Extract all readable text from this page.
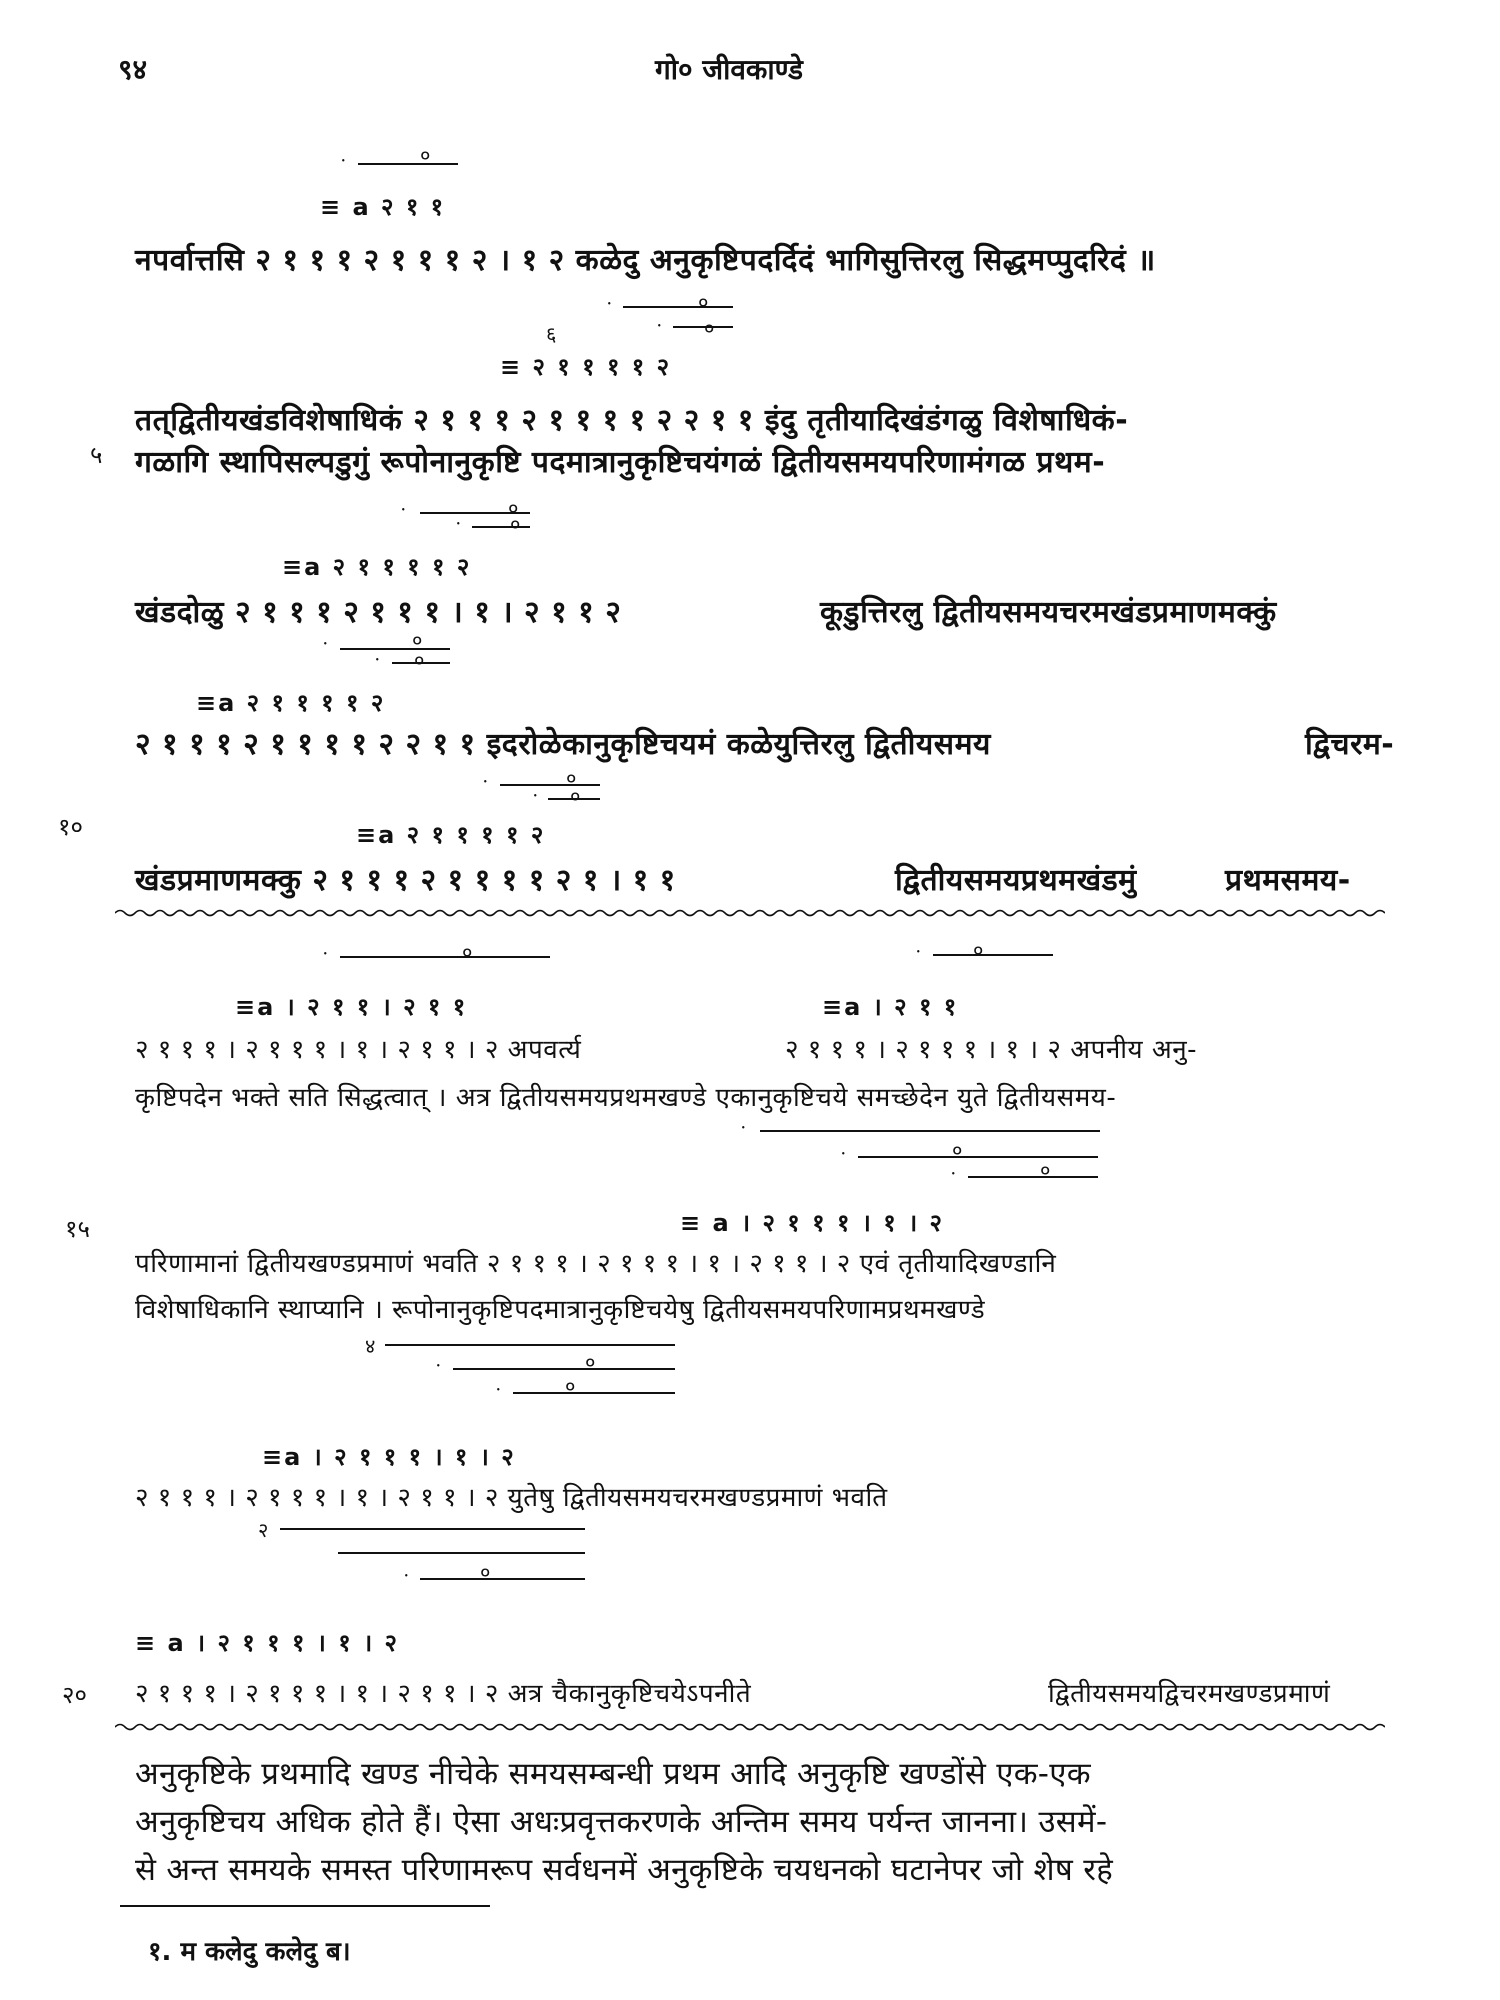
९४	गो० जीवकाण्डे
५
१०
१५
२०
ॱ	०
≡ a २ १ १
नपर्वात्तसि २ १ १ १ २ १ १ १ २ । १ २ कळेदु अनुकृष्टिपदर्दिदं भागिसुत्तिरलु सिद्धमप्पुदरिदं ॥
६
ॱ	०
ॱ ०
≡ २ १ १ १ १ २
तत्‌द्वितीयखंडविशेषाधिकं २ १ १ १ २ १ १ १ १ २ २ १ १ इंदु तृतीयादिखंडंगळु विशेषाधिकं-
गळागि स्थापिसल्पडुगुं रूपोनानुकृष्टि पदमात्रानुकृष्टिचयंगळं द्वितीयसमयपरिणामंगळ प्रथम-
ॱ	०
ॱ ०
≡a २ १ १ १ १ २
खंडदोळु २ १ १ १ २ १ १ १ । १ । २ १ १ २	कूडुत्तिरलु द्वितीयसमयचरमखंडप्रमाणमक्कुं
ॱ	०
ॱ ०
≡a २ १ १ १ १ २
२ १ १ १ २ १ १ १ १ २ २ १ १ इदरोळेकानुकृष्टिचयमं कळेयुत्तिरलु द्वितीयसमय	द्विचरम-
ॱ	०
ॱ ०
≡a २ १ १ १ १ २
खंडप्रमाणमक्कु २ १ १ १ २ १ १ १ १ २ १ । १ १	द्वितीयसमयप्रथमखंडमुं	प्रथमसमय-
ॱ	०	ॱ	०
≡a । २ १ १ । २ १ १	≡a । २ १ १
२ १ १ १ । २ १ १ १ । १ । २ १ १ । २ अपवर्त्य	२ १ १ १ । २ १ १ १ । १ । २ अपनीय अनु-
कृष्टिपदेन भक्ते सति सिद्धत्वात् । अत्र द्वितीयसमयप्रथमखण्डे एकानुकृष्टिचये समच्छेदेन युते द्वितीयसमय-
ॱ
ॱ	०
ॱ	०
≡ a । २ १ १ १ । १ । २
परिणामानां द्वितीयखण्डप्रमाणं भवति २ १ १ १ । २ १ १ १ । १ । २ १ १ । २ एवं तृतीयादिखण्डानि
विशेषाधिकानि स्थाप्यानि । रूपोनानुकृष्टिपदमात्रानुकृष्टिचयेषु द्वितीयसमयपरिणामप्रथमखण्डे
४
ॱ	०
ॱ	०
≡a । २ १ १ १ । १ । २
२ १ १ १ । २ १ १ १ । १ । २ १ १ । २ युतेषु द्वितीयसमयचरमखण्डप्रमाणं भवति
२
ॱ	०
≡ a । २ १ १ १ । १ । २
२ १ १ १ । २ १ १ १ । १ । २ १ १ । २ अत्र चैकानुकृष्टिचयेऽपनीते	द्वितीयसमयद्विचरमखण्डप्रमाणं
अनुकृष्टिके प्रथमादि खण्ड नीचेके समयसम्बन्धी प्रथम आदि अनुकृष्टि खण्डोंसे एक-एक
अनुकृष्टिचय अधिक होते हैं। ऐसा अधःप्रवृत्तकरणके अन्तिम समय पर्यन्त जानना। उसमें-
से अन्त समयके समस्त परिणामरूप सर्वधनमें अनुकृष्टिके चयधनको घटानेपर जो शेष रहे
१. म कलेदु कलेदु ब।
